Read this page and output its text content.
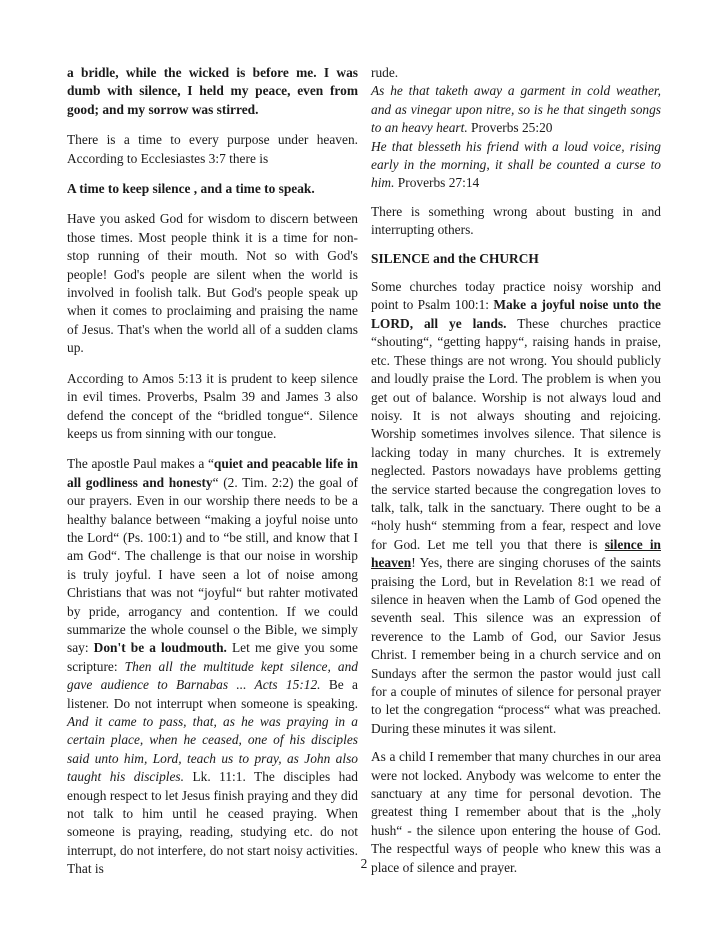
a bridle, while the wicked is before me. I was dumb with silence, I held my peace, even from good; and my sorrow was stirred.

There is a time to every purpose under heaven. According to Ecclesiastes 3:7 there is

A time to keep silence , and a time to speak.

Have you asked God for wisdom to discern between those times. Most people think it is a time for non-stop running of their mouth. Not so with God's people! God's people are silent when the world is involved in foolish talk. But God's people speak up when it comes to proclaiming and praising the name of Jesus. That's when the world all of a sudden clams up.

According to Amos 5:13 it is prudent to keep silence in evil times. Proverbs, Psalm 39 and James 3 also defend the concept of the “bridled tongue“. Silence keeps us from sinning with our tongue.

The apostle Paul makes a “quiet and peacable life in all godliness and honesty“ (2. Tim. 2:2) the goal of our prayers. Even in our worship there needs to be a healthy balance between “making a joyful noise unto the Lord“ (Ps. 100:1) and to “be still, and know that I am God“. The challenge is that our noise in worship is truly joyful. I have seen a lot of noise among Christians that was not “joyful“ but rahter motivated by pride, arrogancy and contention. If we could summarize the whole counsel o the Bible, we simply say: Don't be a loudmouth. Let me give you some scripture: Then all the multitude kept silence, and gave audience to Barnabas ... Acts 15:12. Be a listener. Do not interrupt when someone is speaking. And it came to pass, that, as he was praying in a certain place, when he ceased, one of his disciples said unto him, Lord, teach us to pray, as John also taught his disciples. Lk. 11:1. The disciples had enough respect to let Jesus finish praying and they did not talk to him until he ceased praying. When someone is praying, reading, studying etc. do not interrupt, do not interfere, do not start noisy activities. That is

rude.
As he that taketh away a garment in cold weather, and as vinegar upon nitre, so is he that singeth songs to an heavy heart. Proverbs 25:20
He that blesseth his friend with a loud voice, rising early in the morning, it shall be counted a curse to him. Proverbs 27:14

There is something wrong about busting in and interrupting others.

SILENCE and the CHURCH

Some churches today practice noisy worship and point to Psalm 100:1: Make a joyful noise unto the LORD, all ye lands. These churches practice “shouting“, “getting happy“, raising hands in praise, etc. These things are not wrong. You should publicly and loudly praise the Lord. The problem is when you get out of balance. Worship is not always loud and noisy. It is not always shouting and rejoicing. Worship sometimes involves silence. That silence is lacking today in many churches. It is extremely neglected. Pastors nowadays have problems getting the service started because the congregation loves to talk, talk, talk in the sanctuary. There ought to be a “holy hush“ stemming from a fear, respect and love for God. Let me tell you that there is silence in heaven! Yes, there are singing choruses of the saints praising the Lord, but in Revelation 8:1 we read of silence in heaven when the Lamb of God opened the seventh seal. This silence was an expression of reverence to the Lamb of God, our Savior Jesus Christ. I remember being in a church service and on Sundays after the sermon the pastor would just call for a couple of minutes of silence for personal prayer to let the congregation “process“ what was preached. During these minutes it was silent.

As a child I remember that many churches in our area were not locked. Anybody was welcome to enter the sanctuary at any time for personal devotion. The greatest thing I remember about that is the „holy hush“ - the silence upon entering the house of God. The respectful ways of people who knew this was a place of silence and prayer.

2
